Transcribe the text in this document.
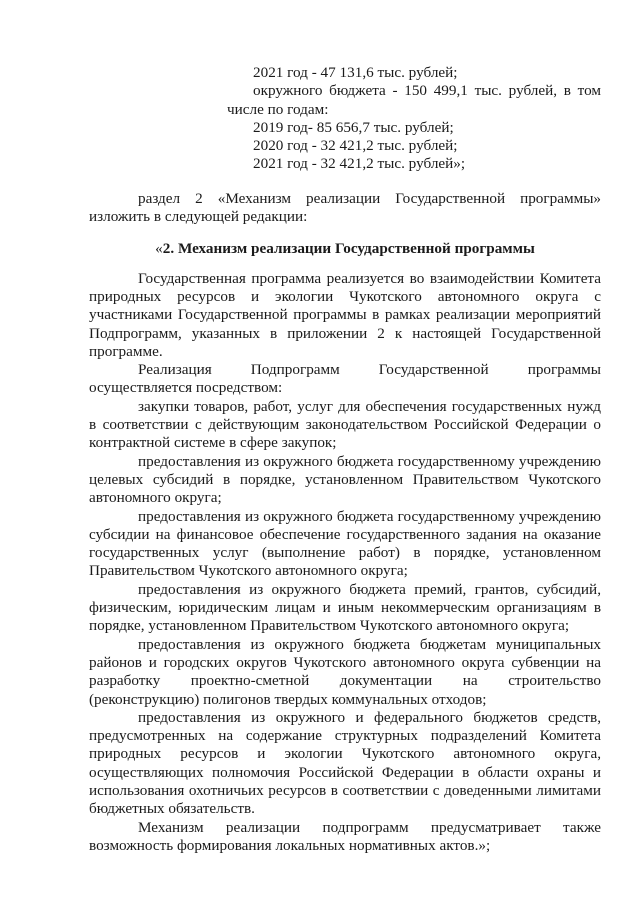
2021 год - 47 131,6 тыс. рублей;
окружного бюджета - 150 499,1 тыс. рублей, в том
числе по годам:
2019 год- 85 656,7 тыс. рублей;
2020 год - 32 421,2 тыс. рублей;
2021 год - 32 421,2 тыс. рублей»;
раздел 2 «Механизм реализации Государственной программы»
изложить в следующей редакции:
«2. Механизм реализации Государственной программы

Государственная программа реализуется во взаимодействии Комитета природных ресурсов и экологии Чукотского автономного округа с участниками Государственной программы в рамках реализации мероприятий Подпрограмм, указанных в приложении 2 к настоящей Государственной программе.

Реализация Подпрограмм Государственной программы осуществляется посредством:

закупки товаров, работ, услуг для обеспечения государственных нужд в соответствии с действующим законодательством Российской Федерации о контрактной системе в сфере закупок;

предоставления из окружного бюджета государственному учреждению целевых субсидий в порядке, установленном Правительством Чукотского автономного округа;

предоставления из окружного бюджета государственному учреждению субсидии на финансовое обеспечение государственного задания на оказание государственных услуг (выполнение работ) в порядке, установленном Правительством Чукотского автономного округа;

предоставления из окружного бюджета премий, грантов, субсидий, физическим, юридическим лицам и иным некоммерческим организациям в порядке, установленном Правительством Чукотского автономного округа;

предоставления из окружного бюджета бюджетам муниципальных районов и городских округов Чукотского автономного округа субвенции на разработку проектно-сметной документации на строительство (реконструкцию) полигонов твердых коммунальных отходов;

предоставления из окружного и федерального бюджетов средств, предусмотренных на содержание структурных подразделений Комитета природных ресурсов и экологии Чукотского автономного округа, осуществляющих полномочия Российской Федерации в области охраны и использования охотничьих ресурсов в соответствии с доведенными лимитами бюджетных обязательств.

Механизм реализации подпрограмм предусматривает также возможность формирования локальных нормативных актов.»;
